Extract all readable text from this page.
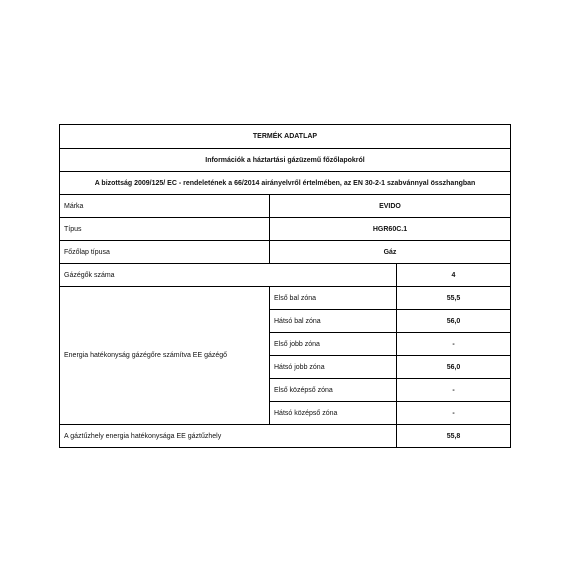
TERMÉK ADATLAP		
Információk a háztartási gázüzemű főzőlapokról		
A bizottság 2009/125/ EC - rendeletének a 66/2014 airányelvről értelmében, az EN 30-2-1 szabvánnyal összhangban		
Márka	EVIDO	
Típus	HGR60C.1	
Főzőlap típusa	Gáz	
Gázégők száma		4
Energia hatékonyság gázégőre számítva EE gázégő	Első bal zóna	55,5
	Hátsó bal zóna	56,0
	Első jobb zóna	-
	Hátsó jobb zóna	56,0
	Első középső zóna	-
	Hátsó középső zóna	-
A gáztűzhely energia hatékonysága EE gáztűzhely		55,8
